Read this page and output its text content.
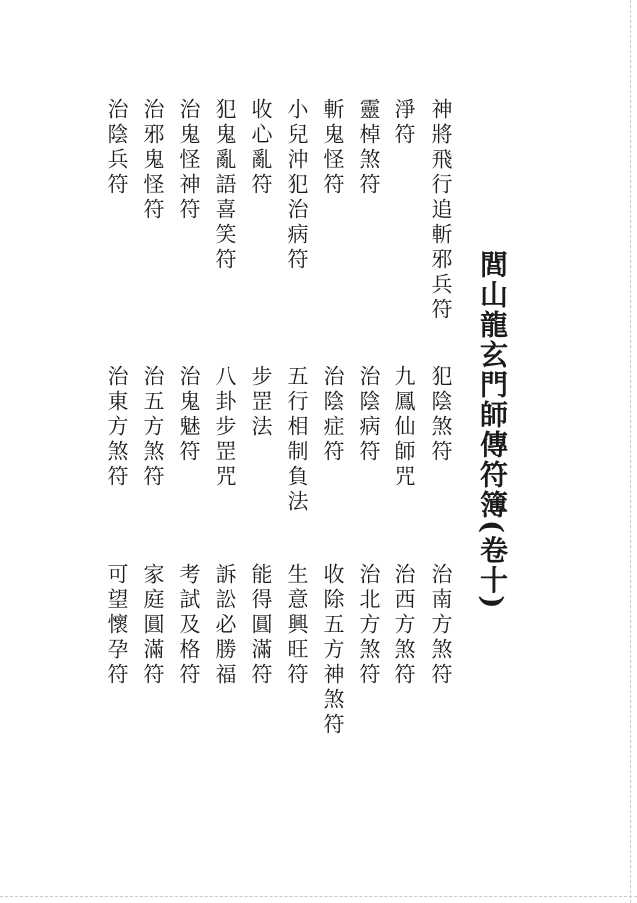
閭山龍玄門師傳符簿(卷十)
神將飛行追斬邪兵符
犯陰煞符
治南方煞符
淨符
九鳳仙師咒
治西方煞符
靈棹煞符
治陰病符
治北方煞符
斬鬼怪符
治陰症符
收除五方神煞符
小兒沖犯治病符
五行相制負法
生意興旺符
收心亂符
步罡法
能得圓滿符
犯鬼亂語喜笑符
八卦步罡咒
訴訟必勝福
治鬼怪神符
治鬼魅符
考試及格符
治邪鬼怪符
治五方煞符
家庭圓滿符
治陰兵符
治東方煞符
可望懷孕符
